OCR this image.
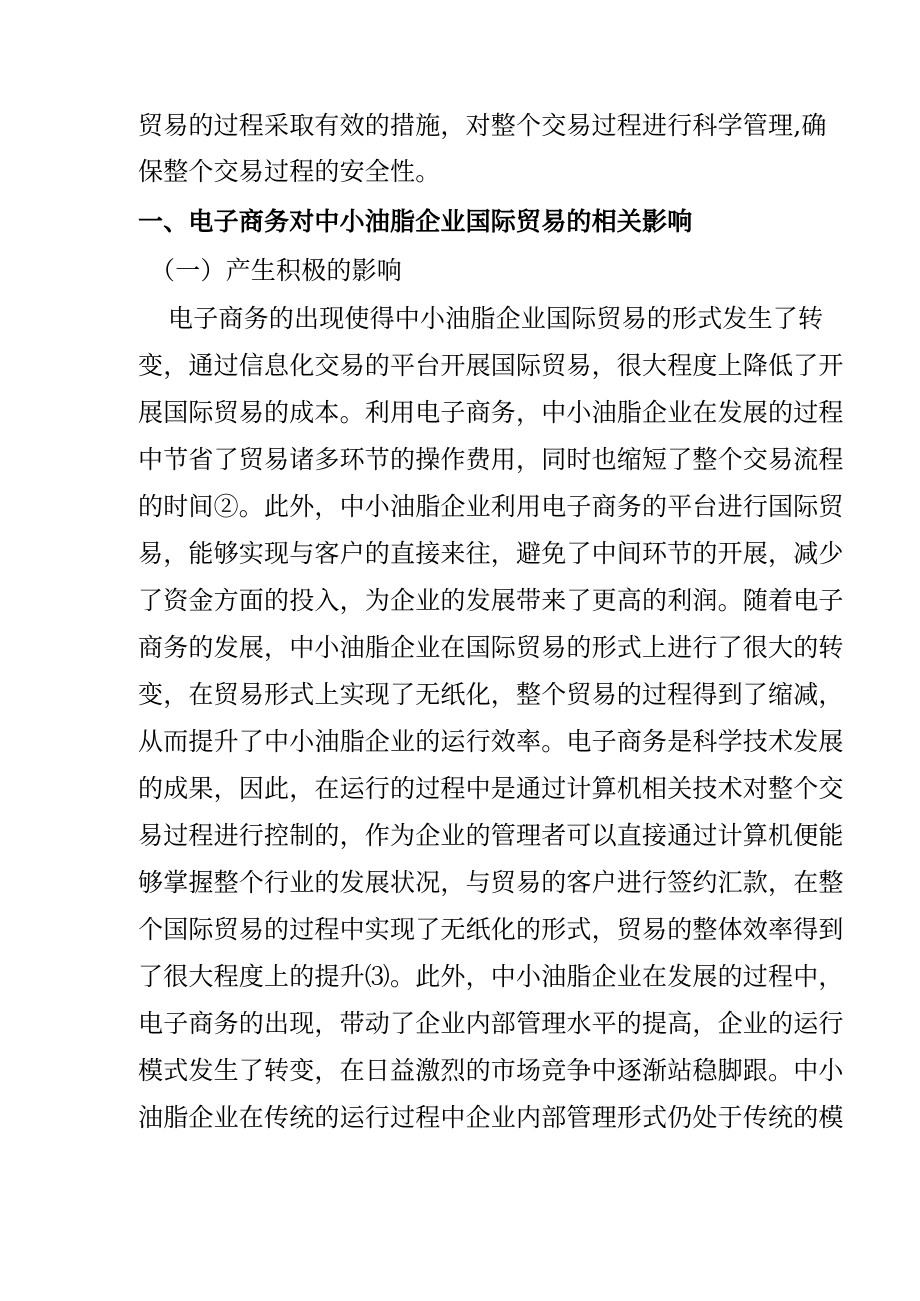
贸易的过程采取有效的措施，对整个交易过程进行科学管理,确
保整个交易过程的安全性。
一、电子商务对中小油脂企业国际贸易的相关影响
（一）产生积极的影响
电子商务的出现使得中小油脂企业国际贸易的形式发生了转
变，通过信息化交易的平台开展国际贸易，很大程度上降低了开
展国际贸易的成本。利用电子商务，中小油脂企业在发展的过程
中节省了贸易诸多环节的操作费用，同时也缩短了整个交易流程
的时间②。此外，中小油脂企业利用电子商务的平台进行国际贸
易，能够实现与客户的直接来往，避免了中间环节的开展，减少
了资金方面的投入，为企业的发展带来了更高的利润。随着电子
商务的发展，中小油脂企业在国际贸易的形式上进行了很大的转
变，在贸易形式上实现了无纸化，整个贸易的过程得到了缩减，
从而提升了中小油脂企业的运行效率。电子商务是科学技术发展
的成果，因此，在运行的过程中是通过计算机相关技术对整个交
易过程进行控制的，作为企业的管理者可以直接通过计算机便能
够掌握整个行业的发展状况，与贸易的客户进行签约汇款，在整
个国际贸易的过程中实现了无纸化的形式，贸易的整体效率得到
了很大程度上的提升⑶。此外，中小油脂企业在发展的过程中，
电子商务的出现，带动了企业内部管理水平的提高，企业的运行
模式发生了转变，在日益激烈的市场竞争中逐渐站稳脚跟。中小
油脂企业在传统的运行过程中企业内部管理形式仍处于传统的模
